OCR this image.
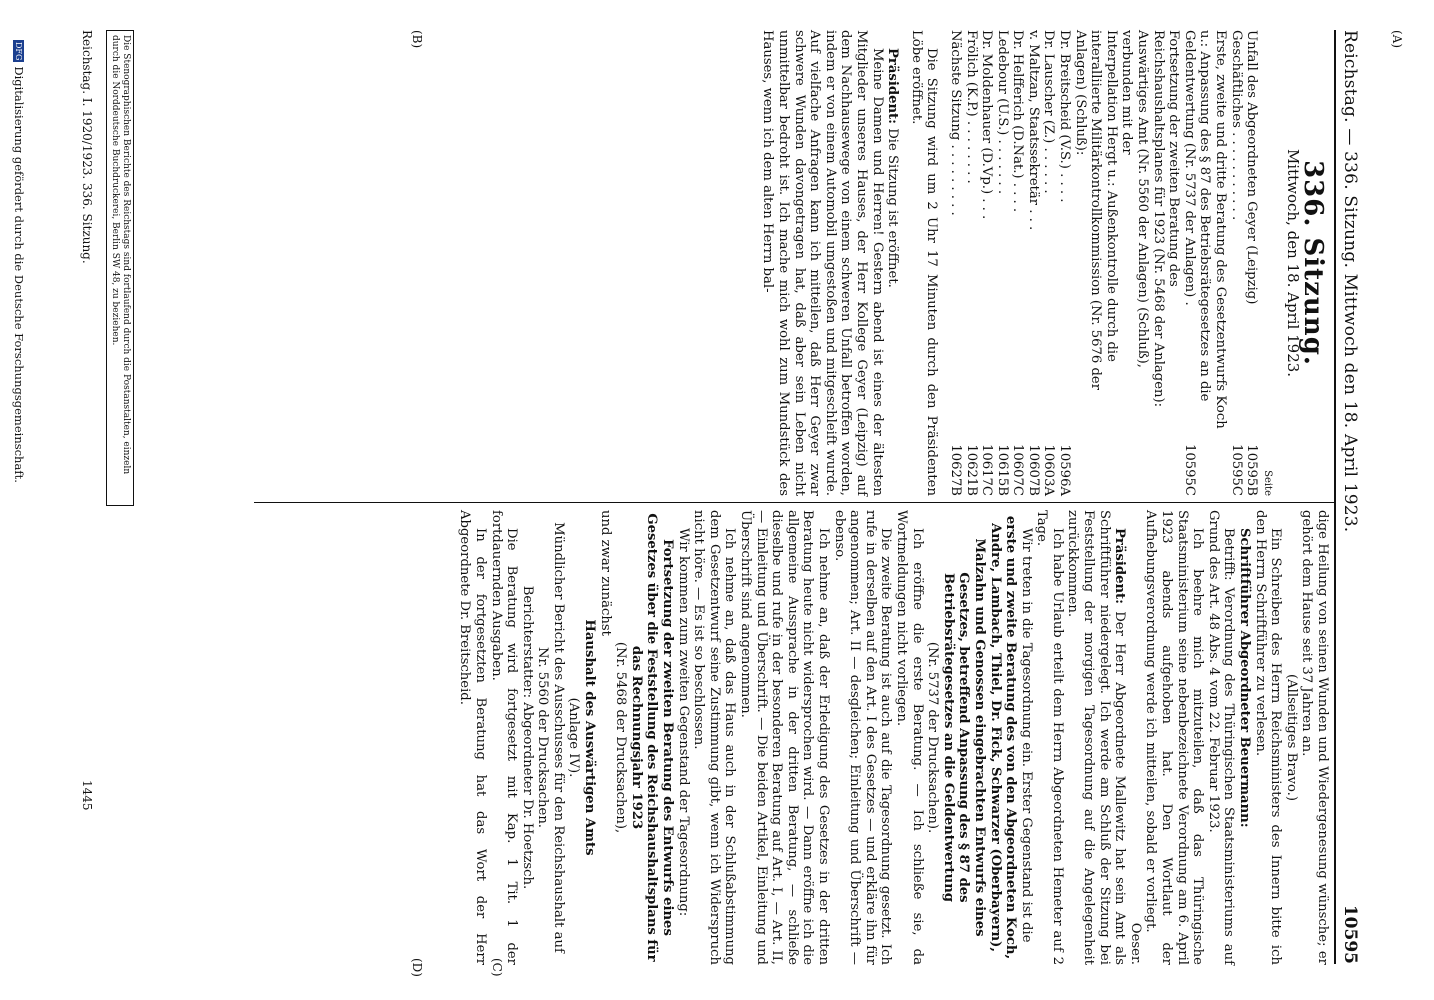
(A)
(C)
(B)
(D)
Reichstag. — 336. Sitzung. Mittwoch den 18. April 1923.
10595
336. Sitzung.
Mittwoch, den 18. April 1923.
Seite
Unfall des Abgeordneten Geyer (Leipzig)	10595B
Geschäftliches . . . . . . . . . . .	10595C
Erste, zweite und dritte Beratung des Gesetzentwurfs Koch u.: Anpassung des § 87 des Betriebsrätegesetzes an die Geldentwertung (Nr. 5737 der Anlagen) .	10595C
Fortsetzung der zweiten Beratung des Reichshaushaltsplanes für 1923 (Nr. 5468 der Anlagen):	
Auswärtiges Amt (Nr. 5560 der Anlagen) (Schluß),	
verbunden mit der	
Interpellation Hergt u.: Außenkontrolle durch die interalliierte Militärkontrollkommission (Nr. 5676 der Anlagen) (Schluß):	
Dr. Breitscheid (V.S.) . . . .	10596A
Dr. Lauscher (Z.) . . . . . .	10603A
v. Maltzan, Staatssekretär . . .	10607B
Dr. Helfferich (D.Nat.) . . . .	10607C
Ledebour (U.S.) . . . . . . .	10615B
Dr. Moldenhauer (D.Vp.) . . .	10617C
Frölich (K.P.) . . . . . . . .	10621B
Nächste Sitzung . . . . . . . . .	10627B

Die Sitzung wird um 2 Uhr 17 Minuten durch den Präsidenten Löbe eröffnet.

Präsident: Die Sitzung ist eröffnet.

Meine Damen und Herren! Gestern abend ist eines der ältesten Mitglieder unseres Hauses, der Herr Kollege Geyer (Leipzig) auf dem Nachhausewege von einem schweren Unfall betroffen worden, indem er von einem Automobil umgestoßen und mitgeschleift wurde. Auf vielfache Anfragen kann ich mitteilen, daß Herr Geyer zwar schwere Wunden davongetragen hat, daß aber sein Leben nicht unmittelbar bedroht ist. Ich mache mich wohl zum Mundstück des Hauses, wenn ich dem alten Herrn bal-

Die Stenographischen Berichte des Reichstags sind fortlaufend durch die Postanstalten, einzeln durch die Norddeutsche Buchdruckerei, Berlin SW 48, zu beziehen.
Reichstag. I. 1920/1923. 336. Sitzung.
1445	dige Heilung von seinen Wunden und Wiedergenesung wünsche; er gehört dem Hause seit 37 Jahren an.

(Allseitiges Bravo.)

Ein Schreiben des Herrn Reichsministers des Innern bitte ich den Herrn Schriftführer zu verlesen.

Schriftführer Abgeordneter Beuermann:

Betrifft: Verordnung des Thüringischen Staatsministeriums auf Grund des Art. 48 Abs. 4 vom 22. Februar 1923.

Ich beehre mich mitzuteilen, daß das Thüringische Staatsministerium seine nebenbezeichnete Verordnung am 6. April 1923 abends aufgehoben hat. Den Wortlaut der Aufhebungsverordnung werde ich mitteilen, sobald er vorliegt.

Oeser.

Präsident: Der Herr Abgeordnete Mallewitz hat sein Amt als Schriftführer niedergelegt. Ich werde am Schluß der Sitzung bei Feststellung der morgigen Tagesordnung auf die Angelegenheit zurückkommen.

Ich habe Urlaub erteilt dem Herrn Abgeordneten Hemeter auf 2 Tage.

Wir treten in die Tagesordnung ein. Erster Gegenstand ist die

erste und zweite Beratung des von den Abgeordneten Koch, Andre, Lambach, Thiel, Dr. Fick, Schwarzer (Oberbayern), Malzahn und Genossen eingebrachten Entwurfs eines Gesetzes, betreffend Anpassung des § 87 des Betriebsrätegesetzes an die Geldentwertung

(Nr. 5737 der Drucksachen).

Ich eröffne die erste Beratung. — Ich schließe sie, da Wortmeldungen nicht vorliegen.

Die zweite Beratung ist auch auf die Tagesordnung gesetzt. Ich rufe in derselben auf den Art. I des Gesetzes — und erkläre ihn für angenommen; Art. II — desgleichen; Einleitung und Überschrift — ebenso.

Ich nehme an, daß der Erledigung des Gesetzes in der dritten Beratung heute nicht widersprochen wird. — Dann eröffne ich die allgemeine Aussprache in der dritten Beratung, — schließe dieselbe und rufe in der besonderen Beratung auf Art. I, — Art. II, — Einleitung und Überschrift. — Die beiden Artikel, Einleitung und Überschrift sind angenommen.

Ich nehme an, daß das Haus auch in der Schlußabstimmung dem Gesetzentwurf seine Zustimmung gibt, wenn ich Widerspruch nicht höre. — Es ist so beschlossen.

Wir kommen zum zweiten Gegenstand der Tagesordnung:

Fortsetzung der zweiten Beratung des Entwurfs eines Gesetzes über die Feststellung des Reichshaushaltsplans für das Rechnungsjahr 1923

(Nr. 5468 der Drucksachen),

und zwar zunächst

Haushalt des Auswärtigen Amts

(Anlage IV).

Mündlicher Bericht des Ausschusses für den Reichshaushalt auf Nr. 5560 der Drucksachen.

Berichterstatter: Abgeordneter Dr. Hoetzsch.

Die Beratung wird fortgesetzt mit Kap. 1 Tit. 1 der fortdauernden Ausgaben.

In der fortgesetzten Beratung hat das Wort der Herr Abgeordnete Dr. Breitscheid.

DFG
Digitalisierung gefördert durch die Deutsche Forschungsgemeinschaft.
